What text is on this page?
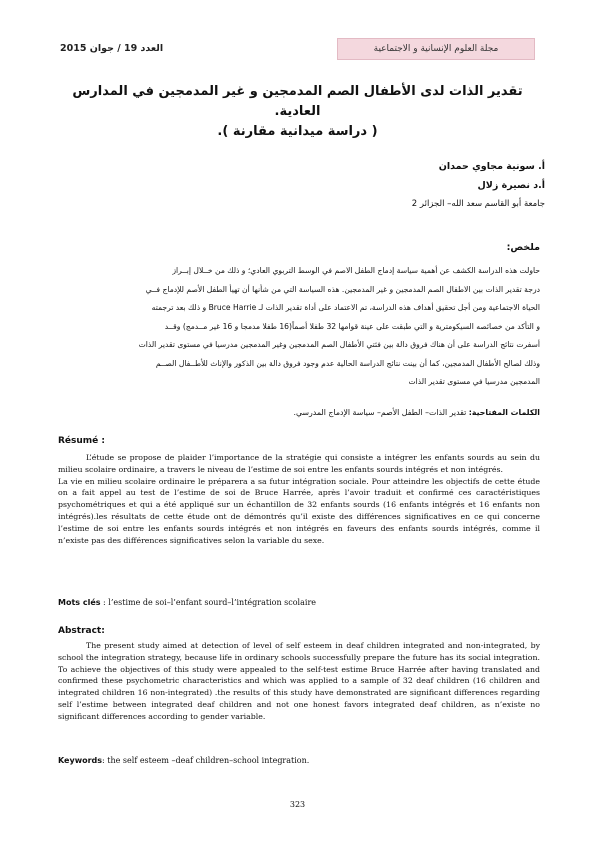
العدد 19 / جوان 2015	مجلة العلوم الإنسانية و الاجتماعية
تقدير الذات لدى الأطفال الصم المدمجين و غير المدمجين في المدارس العادية.
( دراسة ميدانية مقارنة ).
أ. سونية مجاوي حمدان
أ.د نصيرة زلال
جامعة أبو القاسم سعد الله– الجزائر 2
ملخص:
حاولت هذه الدراسة الكشف عن أهمية سياسة إدماج الطفل الاصم في الوسط التربوي العادي؛ و ذلك من خــلال إبــراز
درجة تقدير الذات بين الاطفال الصم المدمجين و غير المدمجين. هذه السياسة التي من شأنها أن تهيأ الطفل الأصم للإدماج فــي
الحياة الاجتماعية ومن أجل تحقيق أهداف هذه الدراسة، تم الاعتماد على أداة تقدير الذات لـ Bruce Harrie و ذلك بعد ترجمته
و التأكد من خصائصه السيكومترية و التي طبقت على عينة قوامها 32 طفلا أصماً(16 طفلا مدمجا و 16 غير مــدمج) وقــد
أسفرت نتائج الدراسة على أن هناك فروق دالة بين فئتي الأطفال الصم المدمجين وغير المدمجين مدرسيا في مستوى تقدير الذات
وذلك لصالح الأطفال المدمجين، كما أن بينت نتائج الدراسة الحالية عدم وجود فروق دالة بين الذكور والإناث للأطــفال الصــم
المدمجين مدرسيا في مستوى تقدير الذات
الكلمات المفتاحية: تقدير الذات– الطفل الأصم– سياسة الإدماج المدرسي.
Résumé :

L’étude se propose de plaider l’importance de la stratégie qui consiste a intégrer les enfants sourds au sein du milieu scolaire ordinaire, a travers le niveau de l’estime de soi entre les enfants sourds intégrés et non intégrés.

La vie en milieu scolaire ordinaire le préparera a sa futur intégration sociale. Pour atteindre les objectifs de cette étude on a fait appel au test de l’estime de soi de Bruce Harrée, après l’avoir traduit et confirmé ces caractéristiques psychométriques et qui a été appliqué sur un échantillon de 32 enfants sourds (16 enfants intégrés et 16 enfants non intégrés).les résultats de cette étude ont de démontrés qu’il existe des différences significatives en ce qui concerne l’estime de soi entre les enfants sourds intégrés et non intégrés en faveurs des enfants sourds intégrés, comme il n’existe pas des différences significatives selon la variable du sexe.

Mots clés : l’estime de soi–l’enfant sourd–l’intégration scolaire
Abstract:

The present study aimed at detection of level of self esteem in deaf children integrated and non-integrated, by school the integration strategy, because life in ordinary schools successfully prepare the future has its social integration. To achieve the objectives of this study were appealed to the self-test estime Bruce Harrée after having translated and confirmed these psychometric characteristics and which was applied to a sample of 32 deaf children (16 children and integrated children 16 non-integrated) .the results of this study have demonstrated are significant differences regarding self l’estime between integrated deaf children and not one honest favors integrated deaf children, as n’existe no significant differences according to gender variable.

Keywords: the self esteem –deaf children–school integration.
323
